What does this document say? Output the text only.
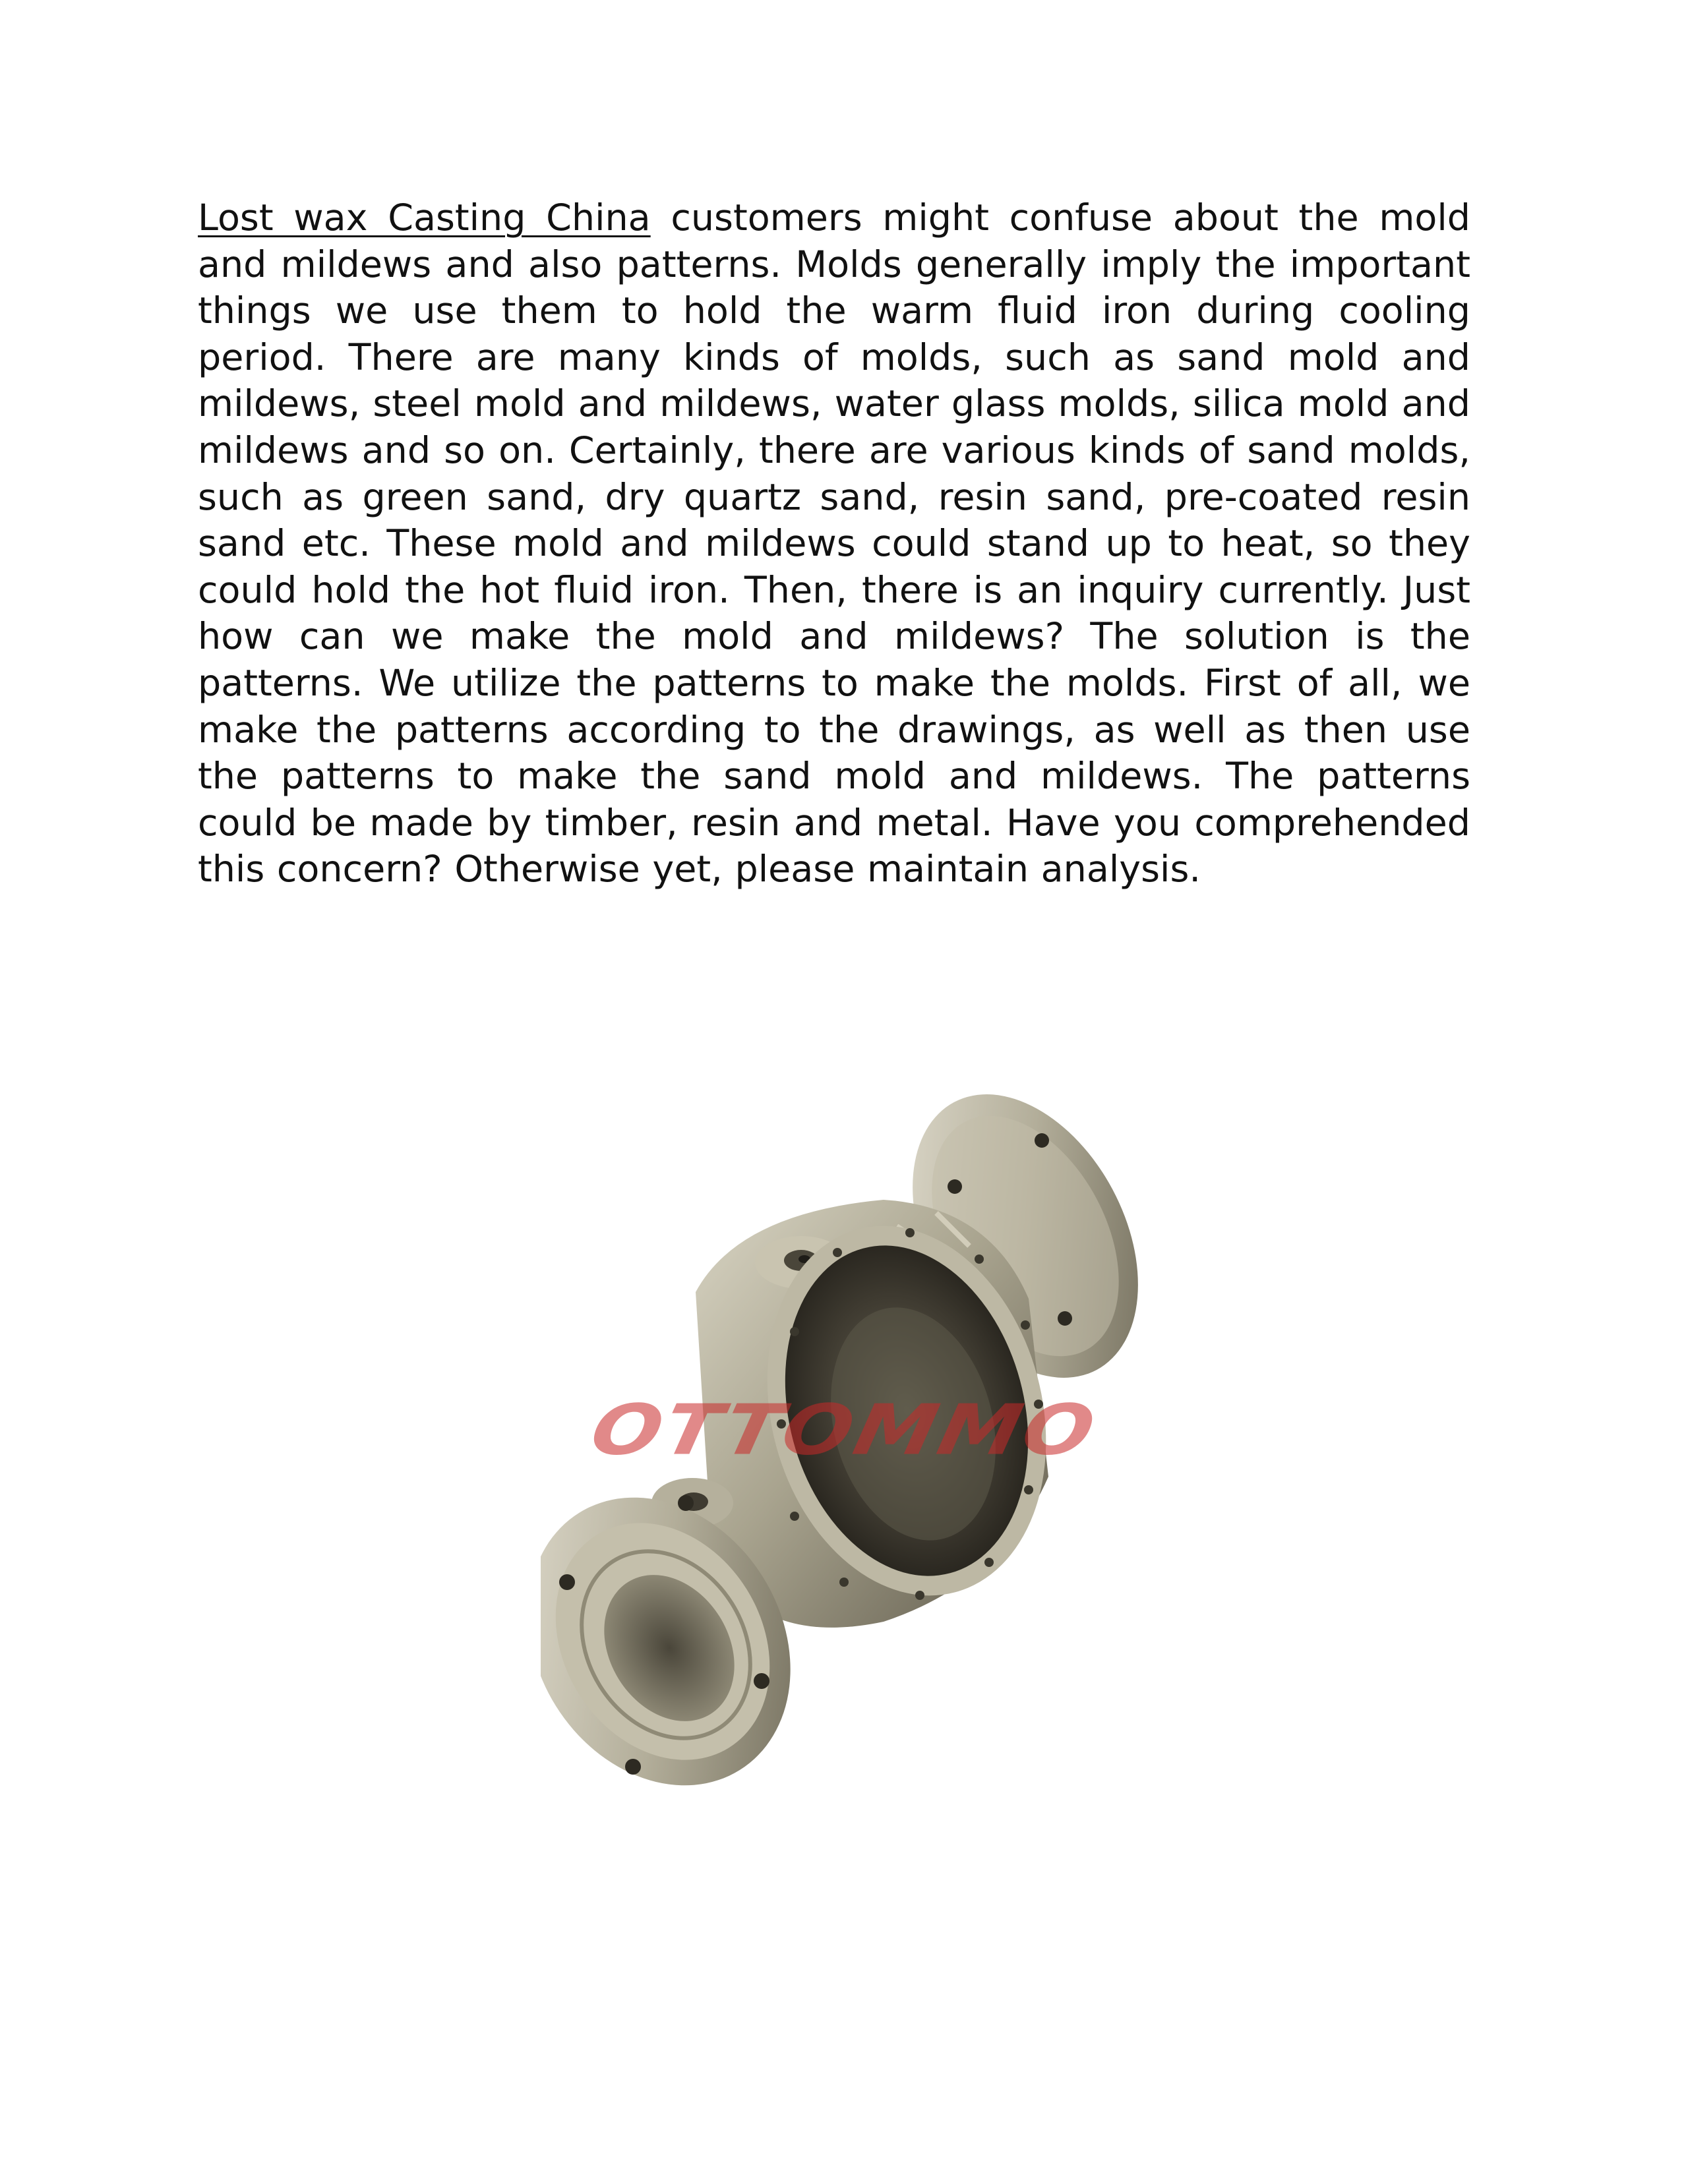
Lost wax Casting China customers might confuse about the mold and mildews and also patterns. Molds generally imply the important things we use them to hold the warm fluid iron during cooling period. There are many kinds of molds, such as sand mold and mildews, steel mold and mildews, water glass molds, silica mold and mildews and so on. Certainly, there are various kinds of sand molds, such as green sand, dry quartz sand, resin sand, pre-coated resin sand etc. These mold and mildews could stand up to heat, so they could hold the hot fluid iron. Then, there is an inquiry currently. Just how can we make the mold and mildews? The solution is the patterns. We utilize the patterns to make the molds. First of all, we make the patterns according to the drawings, as well as then use the patterns to make the sand mold and mildews. The patterns could be made by timber, resin and metal. Have you comprehended this concern? Otherwise yet, please maintain analysis.

OTTOMMO
